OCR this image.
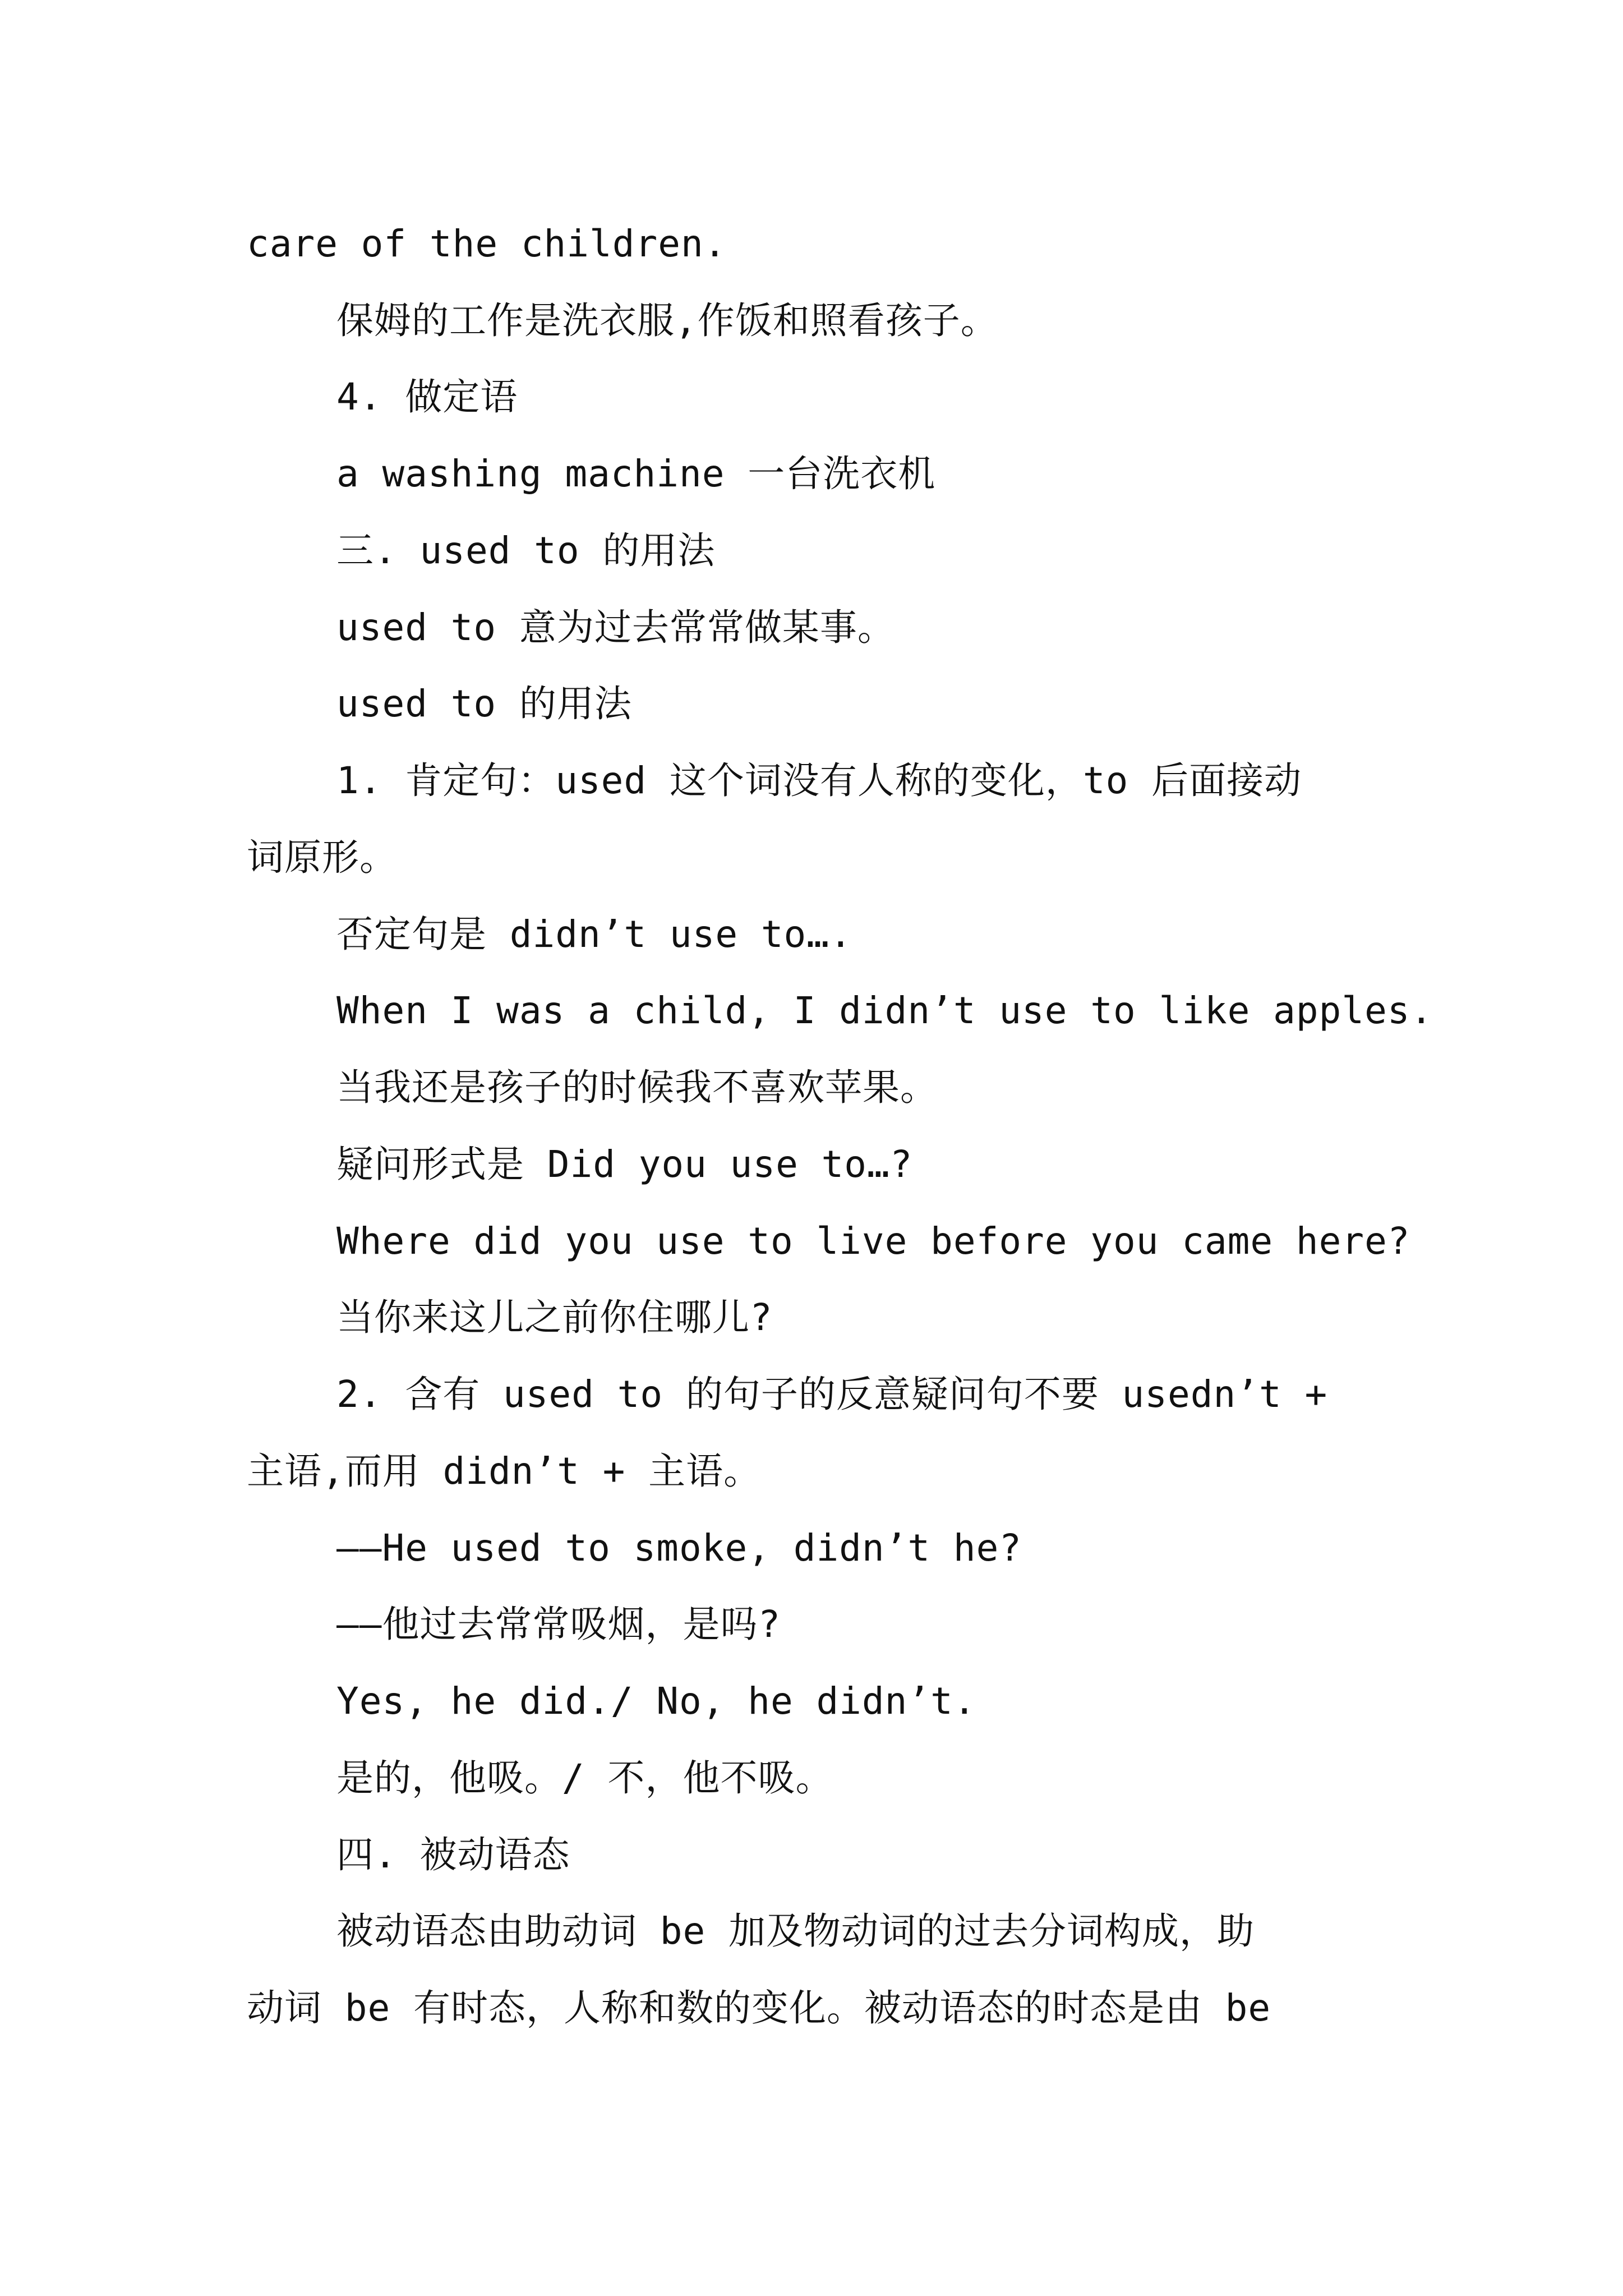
care of the children.
保姆的工作是洗衣服,作饭和照看孩子。
4. 做定语
a washing machine 一台洗衣机
三. used to 的用法
used to 意为过去常常做某事。
used to 的用法
1. 肯定句：used 这个词没有人称的变化，to 后面接动
词原形。
否定句是 didn’t use to….
When I was a child, I didn’t use to like apples.
当我还是孩子的时候我不喜欢苹果。
疑问形式是 Did you use to…?
Where did you use to live before you came here?
当你来这儿之前你住哪儿?
2. 含有 used to 的句子的反意疑问句不要 usedn’t +
主语,而用 didn’t + 主语。
——He used to smoke, didn’t he?
——他过去常常吸烟，是吗?
Yes, he did./ No, he didn’t.
是的，他吸。/ 不，他不吸。
四. 被动语态
被动语态由助动词 be 加及物动词的过去分词构成，助
动词 be 有时态，人称和数的变化。被动语态的时态是由 be
